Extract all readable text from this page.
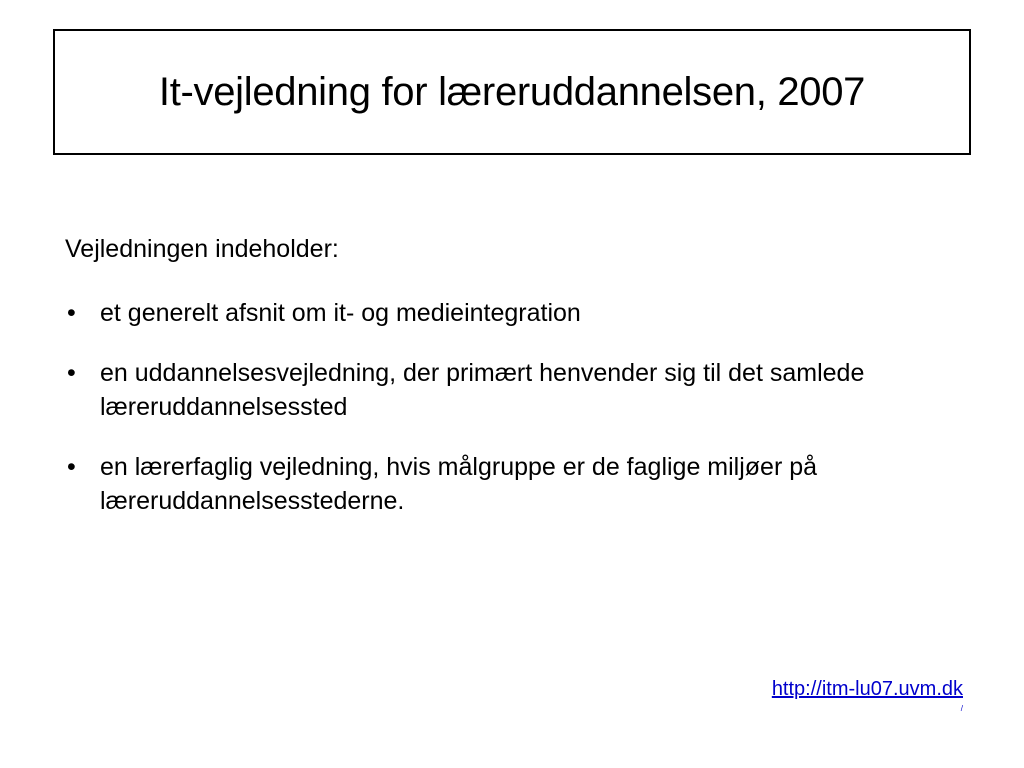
It-vejledning for læreruddannelsen, 2007

Vejledningen indeholder:

• et generelt afsnit om it- og medieintegration
• en uddannelsesvejledning, der primært henvender sig til det samlede læreruddannelsessted
• en lærerfaglig vejledning, hvis målgruppe er de faglige miljøer på læreruddannelsesstederne.
http://itm-lu07.uvm.dk
/
